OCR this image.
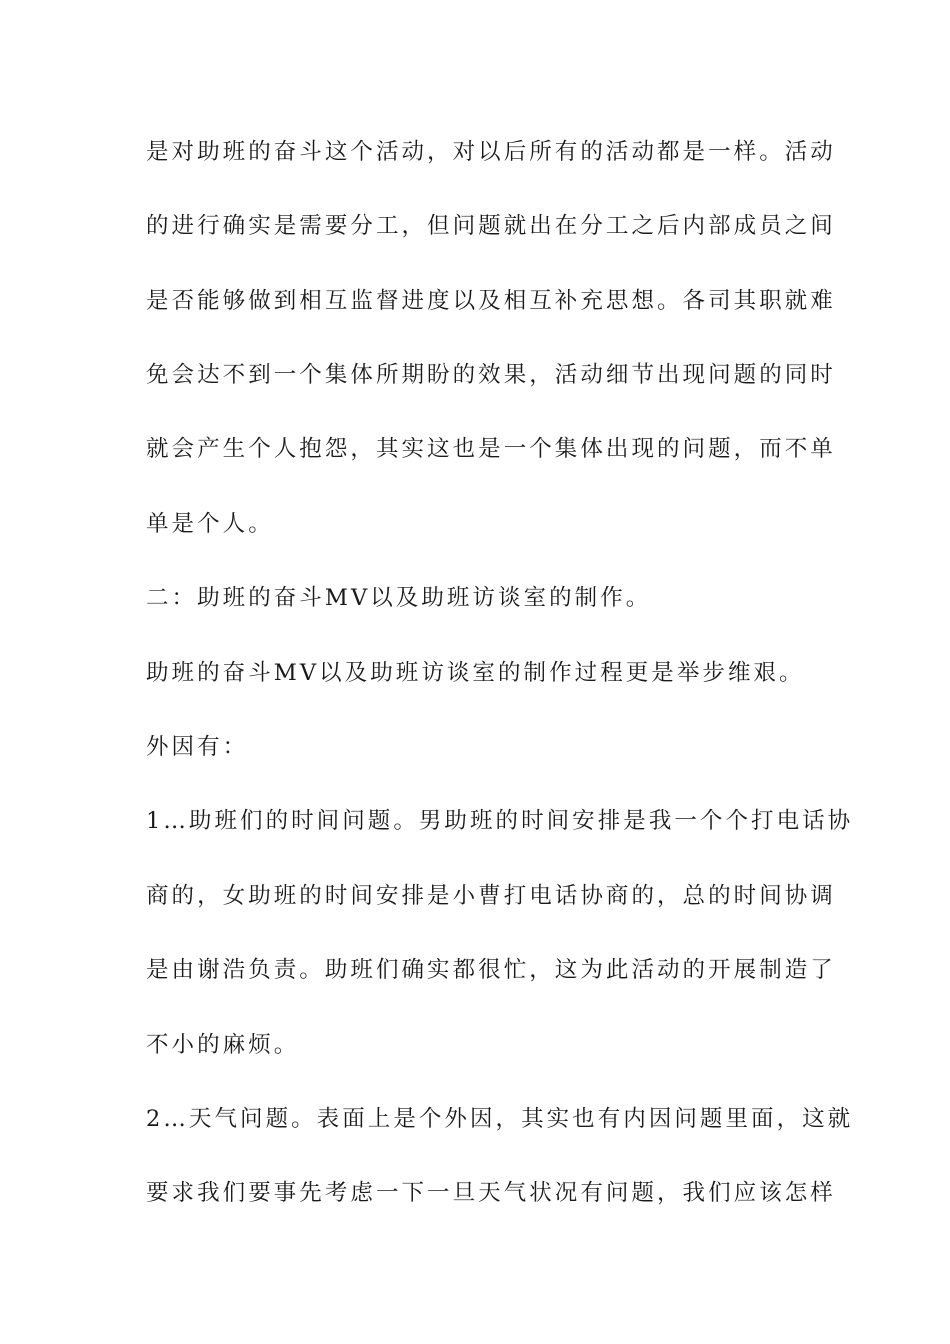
是对助班的奋斗这个活动，对以后所有的活动都是一样。活动
的进行确实是需要分工，但问题就出在分工之后内部成员之间
是否能够做到相互监督进度以及相互补充思想。各司其职就难
免会达不到一个集体所期盼的效果，活动细节出现问题的同时
就会产生个人抱怨，其实这也是一个集体出现的问题，而不单
单是个人。
二：助班的奋斗MV以及助班访谈室的制作。
助班的奋斗MV以及助班访谈室的制作过程更是举步维艰。
外因有：
1…助班们的时间问题。男助班的时间安排是我一个个打电话协
商的，女助班的时间安排是小曹打电话协商的，总的时间协调
是由谢浩负责。助班们确实都很忙，这为此活动的开展制造了
不小的麻烦。
2…天气问题。表面上是个外因，其实也有内因问题里面，这就
要求我们要事先考虑一下一旦天气状况有问题，我们应该怎样
